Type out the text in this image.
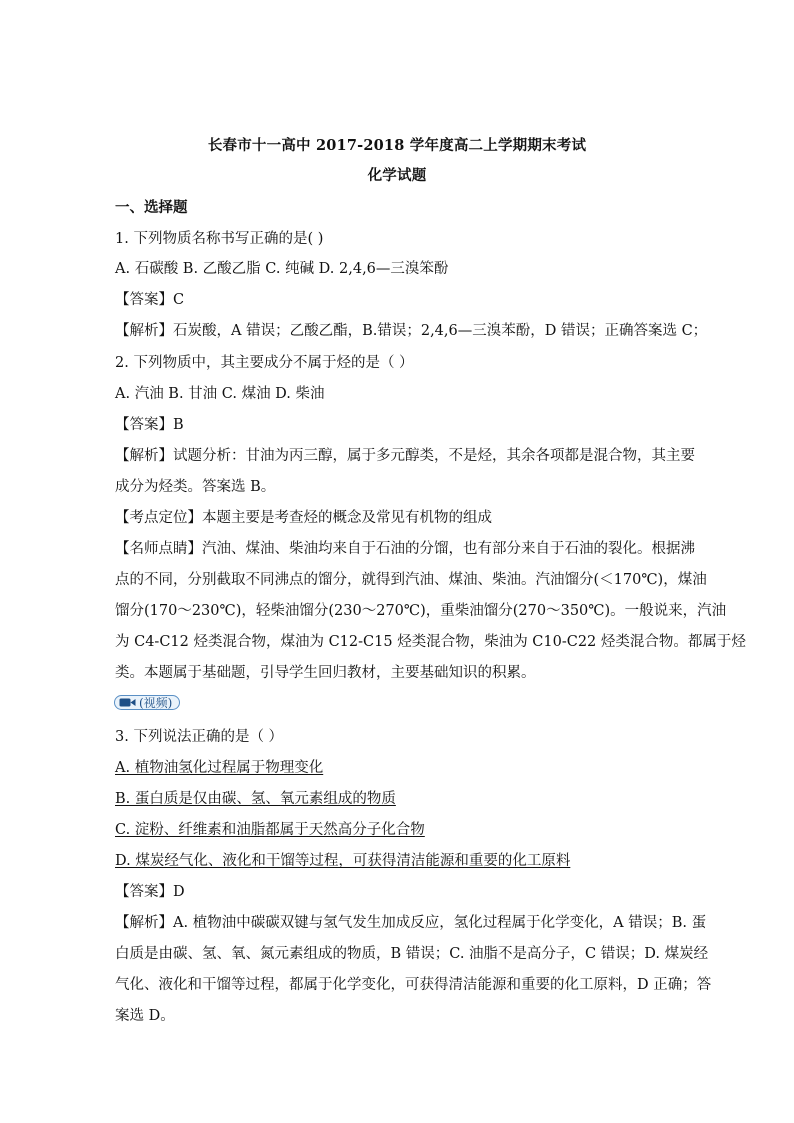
长春市十一高中 2017-2018 学年度高二上学期期末考试
化学试题
一、选择题
1. 下列物质名称书写正确的是( )
A. 石碳酸 B. 乙酸乙脂 C. 纯碱 D. 2,4,6—三溴笨酚
【答案】C
【解析】石炭酸，A 错误；乙酸乙酯，B.错误；2,4,6—三溴苯酚，D 错误；正确答案选 C；
2. 下列物质中，其主要成分不属于烃的是（ ）
A. 汽油 B. 甘油 C. 煤油 D. 柴油
【答案】B
【解析】试题分析：甘油为丙三醇，属于多元醇类，不是烃，其余各项都是混合物，其主要
成分为烃类。答案选 B。
【考点定位】本题主要是考查烃的概念及常见有机物的组成
【名师点睛】汽油、煤油、柴油均来自于石油的分馏，也有部分来自于石油的裂化。根据沸
点的不同，分别截取不同沸点的馏分，就得到汽油、煤油、柴油。汽油馏分(＜170℃)，煤油
馏分(170～230℃)，轻柴油馏分(230～270℃)，重柴油馏分(270～350℃)。一般说来，汽油
为 C4-C12 烃类混合物，煤油为 C12-C15 烃类混合物，柴油为 C10-C22 烃类混合物。都属于烃
类。本题属于基础题，引导学生回归教材，主要基础知识的积累。
(视频)
3. 下列说法正确的是（ ）
A. 植物油氢化过程属于物理变化
B. 蛋白质是仅由碳、氢、氧元素组成的物质
C. 淀粉、纤维素和油脂都属于天然高分子化合物
D. 煤炭经气化、液化和干馏等过程，可获得清洁能源和重要的化工原料
【答案】D
【解析】A. 植物油中碳碳双键与氢气发生加成反应，氢化过程属于化学变化，A 错误；B. 蛋
白质是由碳、氢、氧、氮元素组成的物质，B 错误；C. 油脂不是高分子，C 错误；D. 煤炭经
气化、液化和干馏等过程，都属于化学变化，可获得清洁能源和重要的化工原料，D 正确；答
案选 D。
